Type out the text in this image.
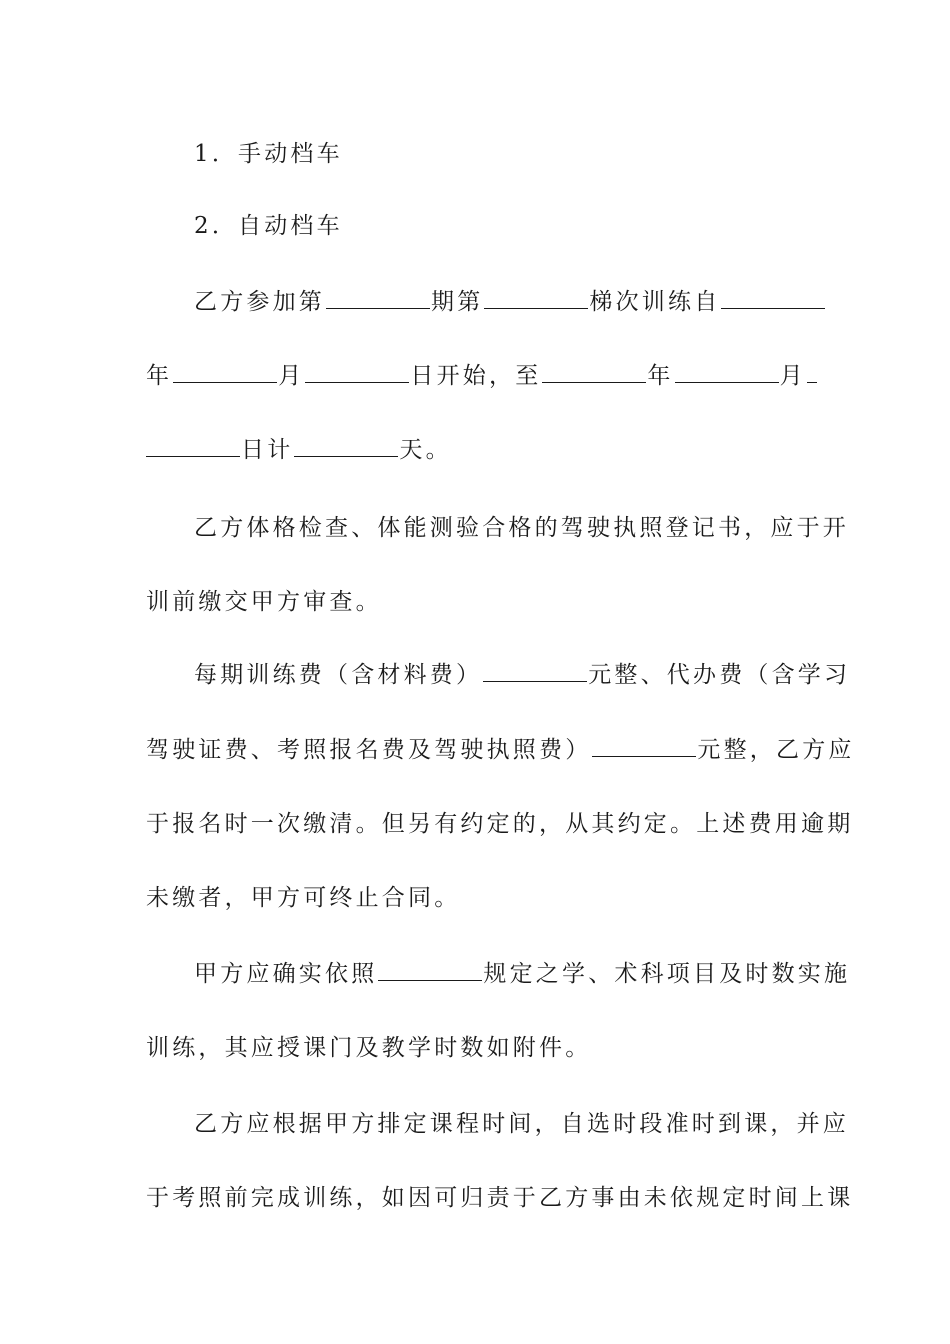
1．手动档车
2．自动档车
乙方参加第	期第	梯次训练自
年	月	日开始，至	年	月
日计	天。
乙方体格检查、体能测验合格的驾驶执照登记书，应于开
训前缴交甲方审查。
每期训练费（含材料费）	元整、代办费（含学习
驾驶证费、考照报名费及驾驶执照费）	元整，乙方应
于报名时一次缴清。但另有约定的，从其约定。上述费用逾期
未缴者，甲方可终止合同。
甲方应确实依照	规定之学、术科项目及时数实施
训练，其应授课门及教学时数如附件。
乙方应根据甲方排定课程时间，自选时段准时到课，并应
于考照前完成训练，如因可归责于乙方事由未依规定时间上课
